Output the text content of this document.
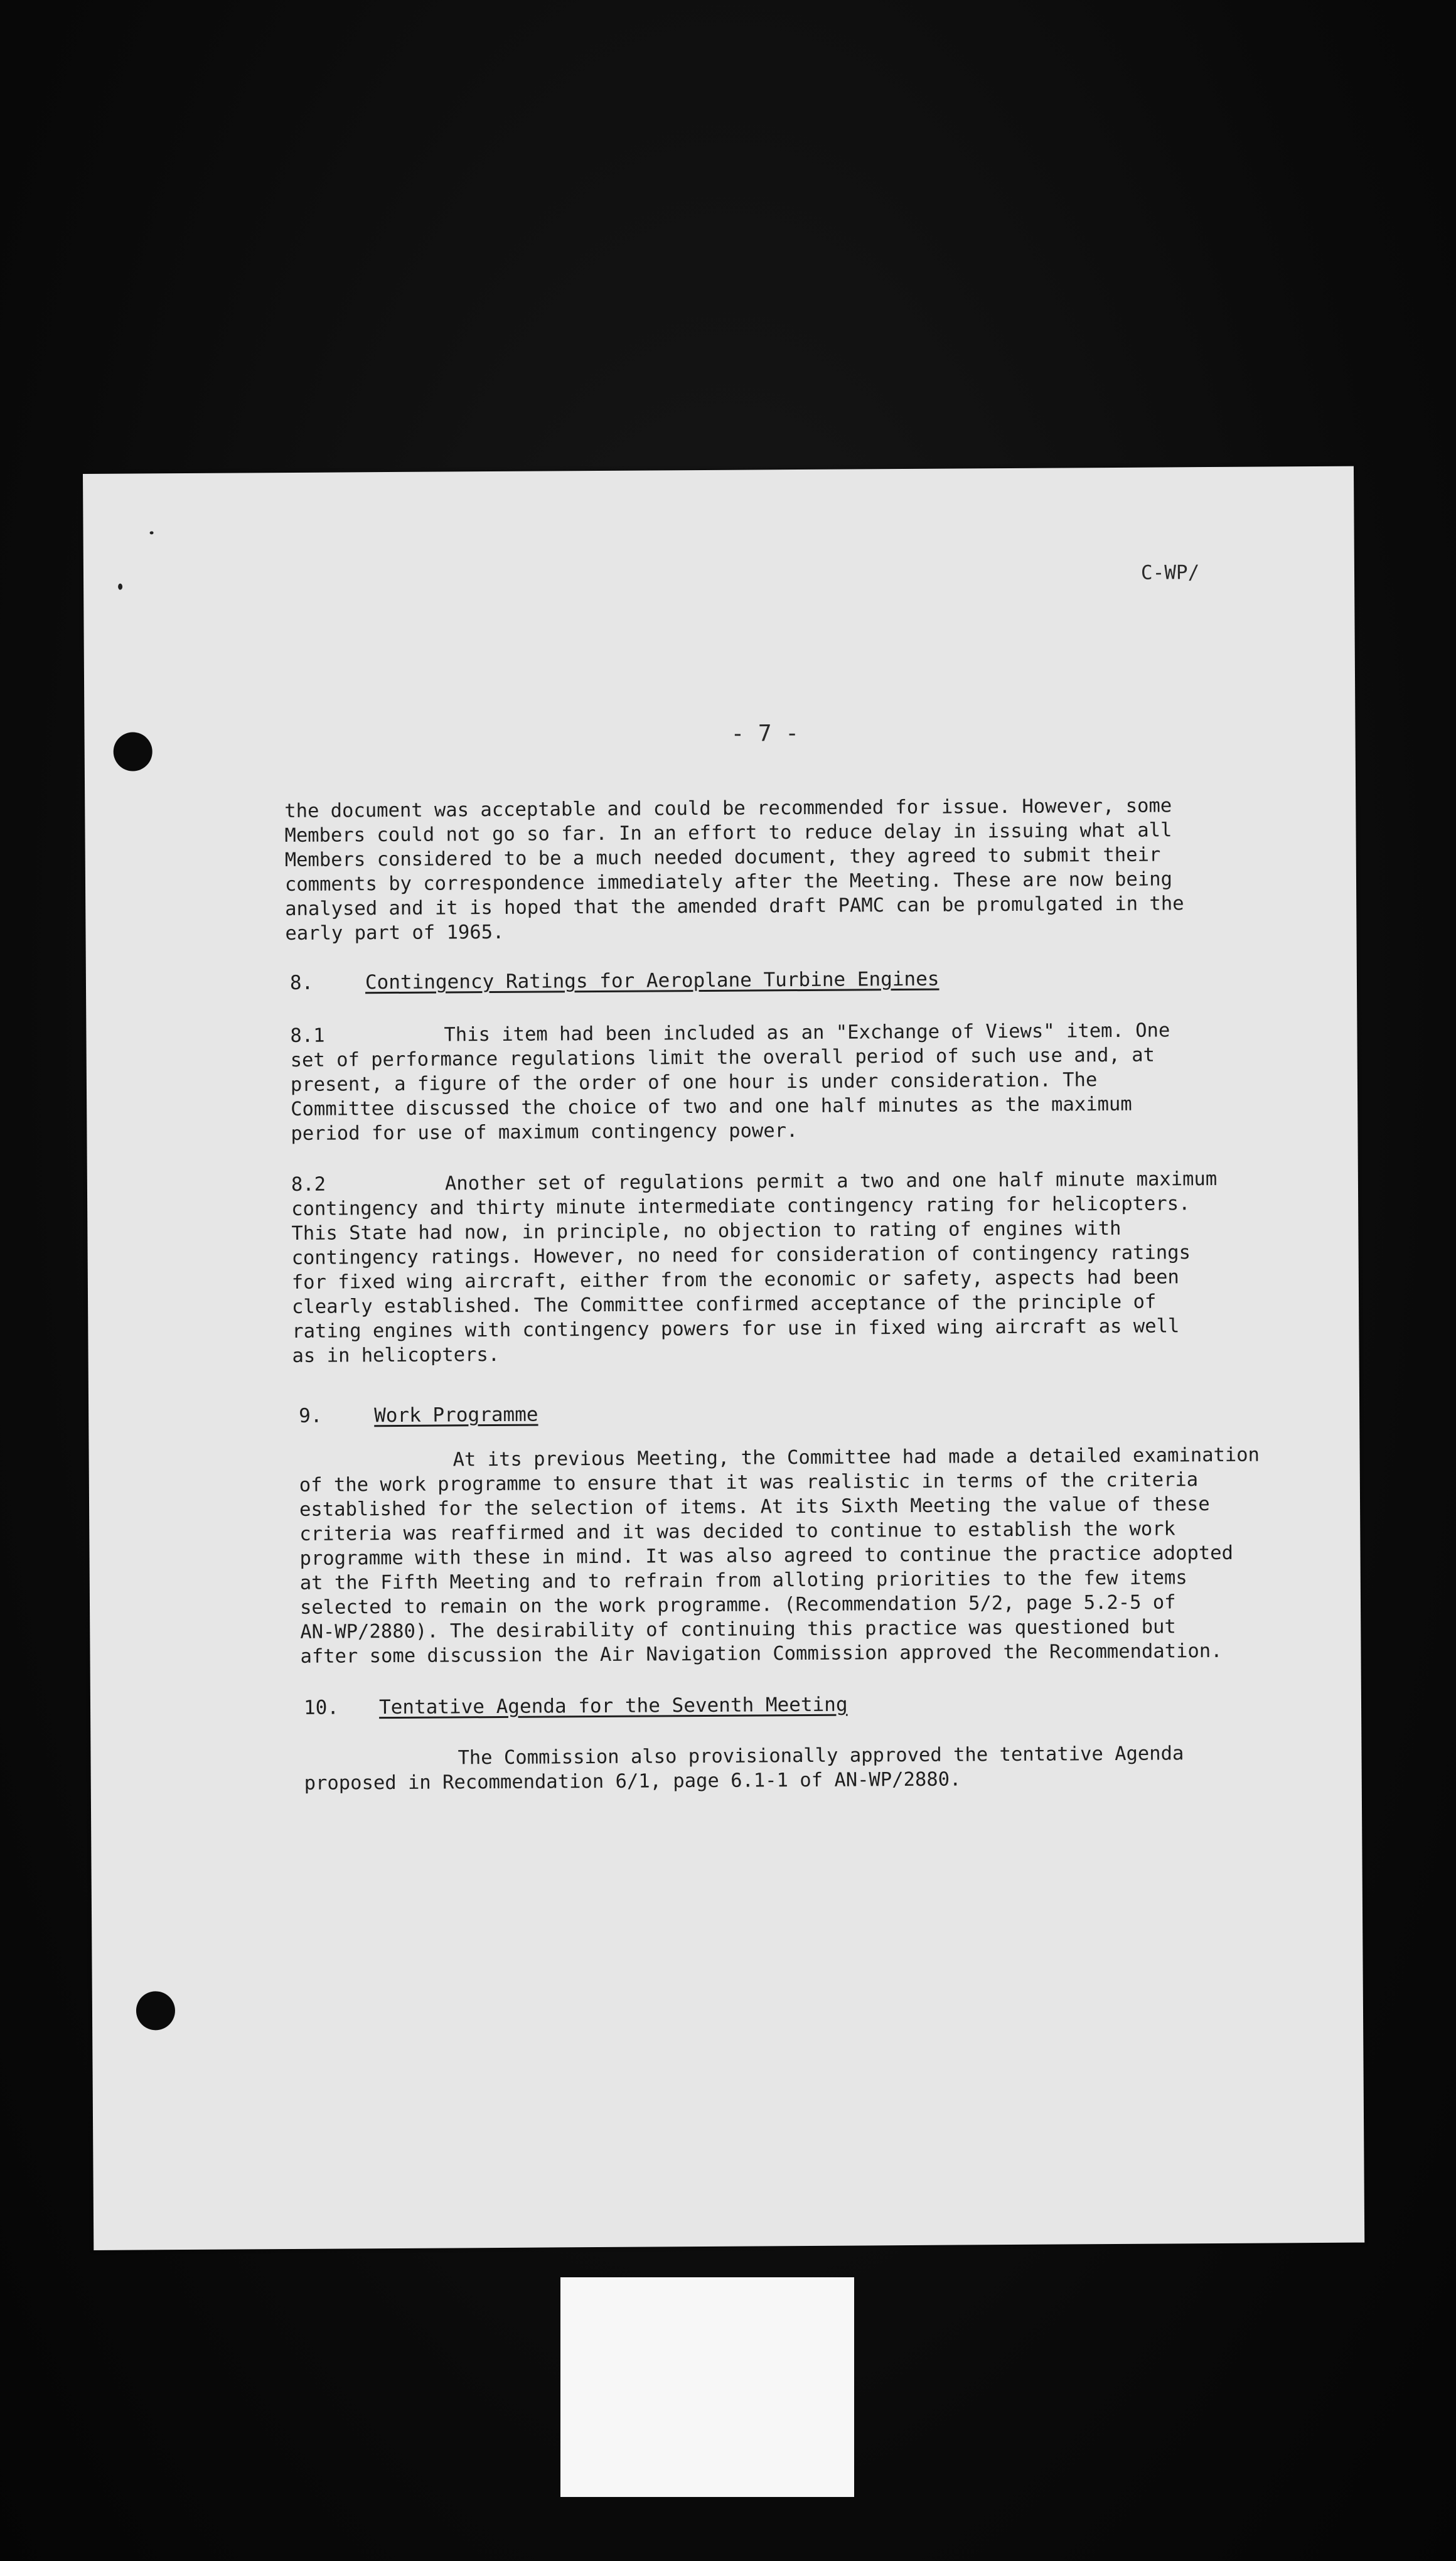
C-WP/
- 7 -
the document was acceptable and could be recommended for issue. However, some
Members could not go so far. In an effort to reduce delay in issuing what all
Members considered to be a much needed document, they agreed to submit their
comments by correspondence immediately after the Meeting. These are now being
analysed and it is hoped that the amended draft PAMC can be promulgated in the
early part of 1965.
8.	Contingency Ratings for Aeroplane Turbine Engines
8.1	This item had been included as an "Exchange of Views" item. One
set of performance regulations limit the overall period of such use and, at
present, a figure of the order of one hour is under consideration. The
Committee discussed the choice of two and one half minutes as the maximum
period for use of maximum contingency power.
8.2	Another set of regulations permit a two and one half minute maximum
contingency and thirty minute intermediate contingency rating for helicopters.
This State had now, in principle, no objection to rating of engines with
contingency ratings. However, no need for consideration of contingency ratings
for fixed wing aircraft, either from the economic or safety, aspects had been
clearly established. The Committee confirmed acceptance of the principle of
rating engines with contingency powers for use in fixed wing aircraft as well
as in helicopters.
9.	Work Programme
At its previous Meeting, the Committee had made a detailed examination
of the work programme to ensure that it was realistic in terms of the criteria
established for the selection of items. At its Sixth Meeting the value of these
criteria was reaffirmed and it was decided to continue to establish the work
programme with these in mind. It was also agreed to continue the practice adopted
at the Fifth Meeting and to refrain from alloting priorities to the few items
selected to remain on the work programme. (Recommendation 5/2, page 5.2-5 of
AN-WP/2880). The desirability of continuing this practice was questioned but
after some discussion the Air Navigation Commission approved the Recommendation.
10. Tentative Agenda for the Seventh Meeting
The Commission also provisionally approved the tentative Agenda
proposed in Recommendation 6/1, page 6.1-1 of AN-WP/2880.
